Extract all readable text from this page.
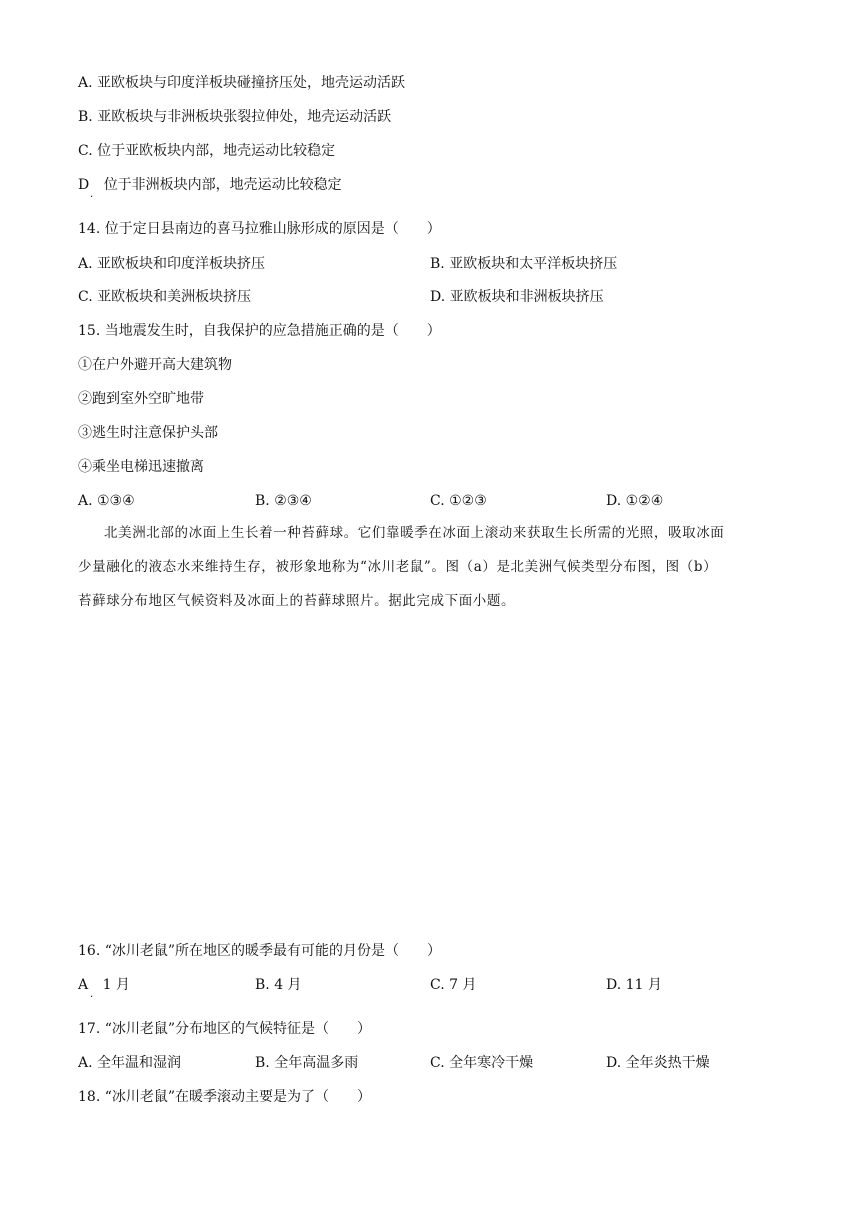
A. 亚欧板块与印度洋板块碰撞挤压处，地壳运动活跃
B. 亚欧板块与非洲板块张裂拉伸处，地壳运动活跃
C. 位于亚欧板块内部，地壳运动比较稳定
D 位于非洲板块内部，地壳运动比较稳定
·
14. 位于定日县南边的喜马拉雅山脉形成的原因是（　　）
A. 亚欧板块和印度洋板块挤压	B. 亚欧板块和太平洋板块挤压
C. 亚欧板块和美洲板块挤压	D. 亚欧板块和非洲板块挤压
15. 当地震发生时，自我保护的应急措施正确的是（　　）
①在户外避开高大建筑物
②跑到室外空旷地带
③逃生时注意保护头部
④乘坐电梯迅速撤离
A. ①③④	B. ②③④	C. ①②③	D. ①②④
北美洲北部的冰面上生长着一种苔藓球。它们靠暖季在冰面上滚动来获取生长所需的光照，吸取冰面
少量融化的液态水来维持生存，被形象地称为“冰川老鼠”。图（a）是北美洲气候类型分布图，图（b）
苔藓球分布地区气候资料及冰面上的苔藓球照片。据此完成下面小题。
16. “冰川老鼠”所在地区的暖季最有可能的月份是（　　）
A 1 月
·
B. 4 月	C. 7 月	D. 11 月
17. “冰川老鼠”分布地区的气候特征是（　　）
A. 全年温和湿润	B. 全年高温多雨	C. 全年寒冷干燥	D. 全年炎热干燥
18. “冰川老鼠”在暖季滚动主要是为了（　　）
